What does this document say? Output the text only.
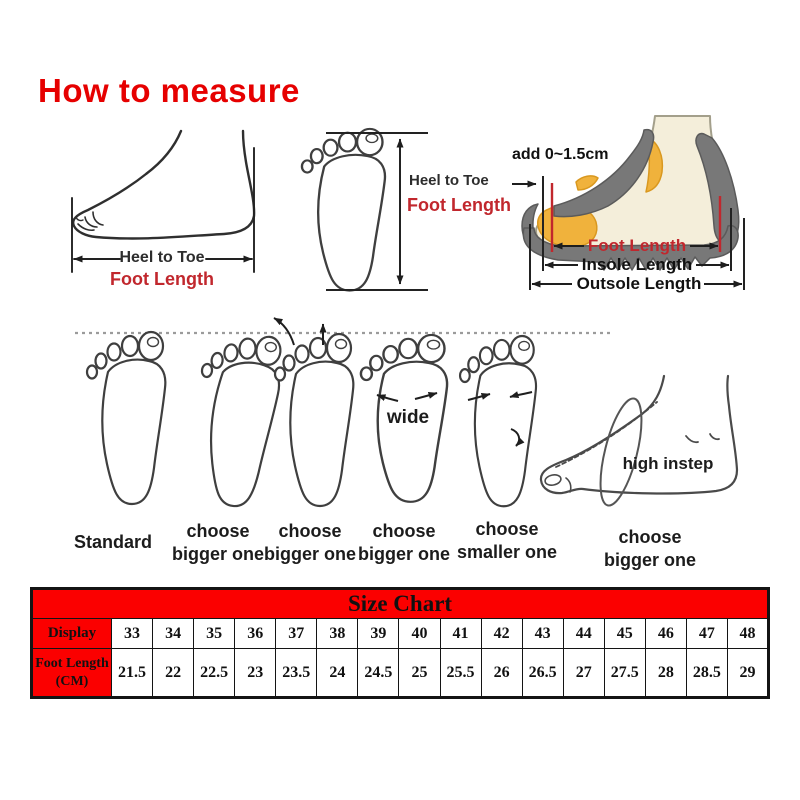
How to measure
Heel to Toe
Foot Length
Heel to Toe
Foot Length
add 0~1.5cm
Foot Length
Insole Length
Outsole Length
wide
high instep
Standard
choose bigger one
choose bigger one
choose bigger one
choose smaller one
choose bigger one
Size Chart																
Display	33	34	35	36	37	38	39	40	41	42	43	44	45	46	47	48
Foot Length (CM)	21.5	22	22.5	23	23.5	24	24.5	25	25.5	26	26.5	27	27.5	28	28.5	29
